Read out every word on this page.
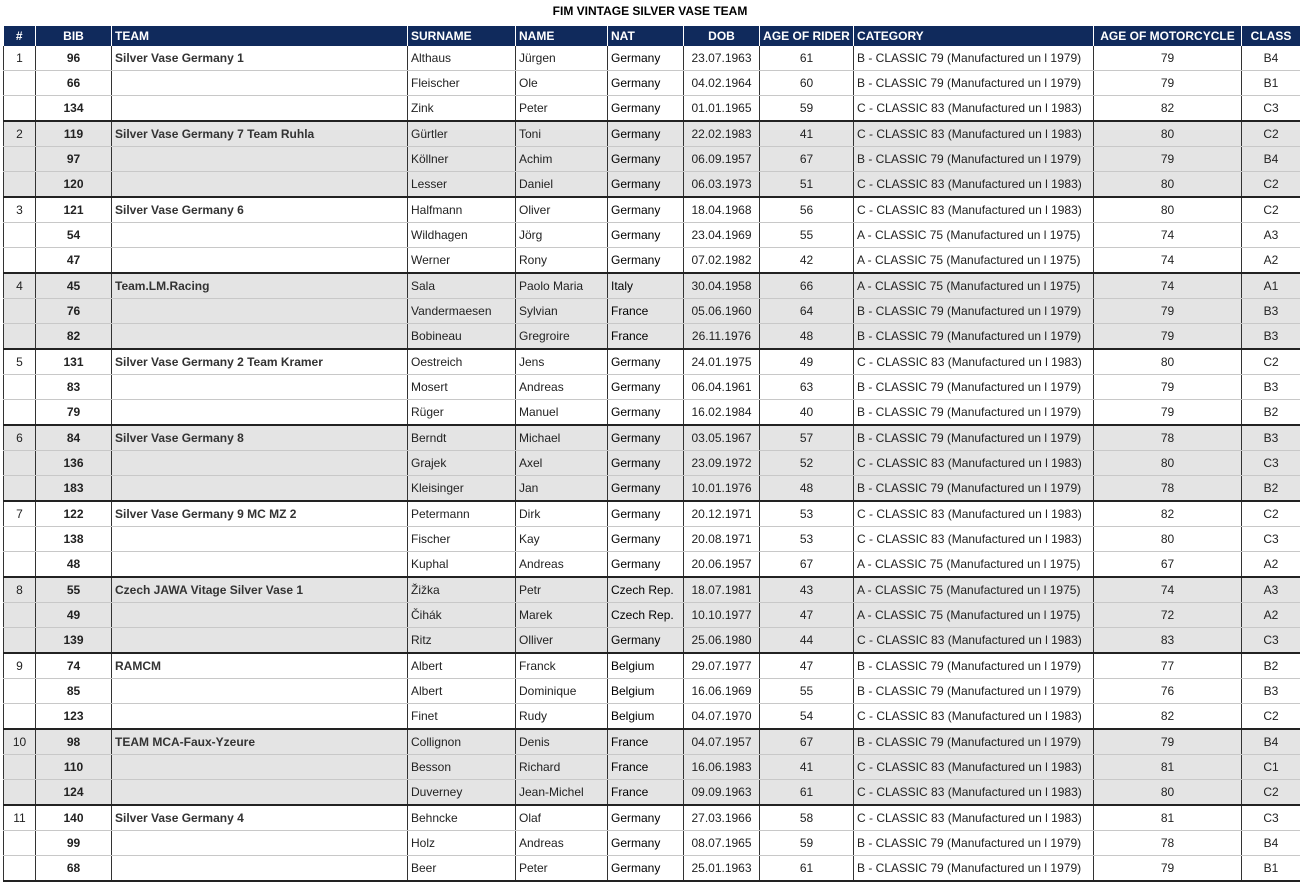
FIM VINTAGE SILVER VASE TEAM
#	BIB	TEAM	SURNAME	NAME	NAT	DOB	AGE OF RIDER	CATEGORY	AGE OF MOTORCYCLE	CLASS
1	96	Silver Vase Germany 1	Althaus	Jürgen	Germany	23.07.1963	61	B - CLASSIC 79 (Manufactured un l 1979)	79	B4
	66		Fleischer	Ole	Germany	04.02.1964	60	B - CLASSIC 79 (Manufactured un l 1979)	79	B1
	134		Zink	Peter	Germany	01.01.1965	59	C - CLASSIC 83 (Manufactured un l 1983)	82	C3
2	119	Silver Vase Germany 7 Team Ruhla	Gürtler	Toni	Germany	22.02.1983	41	C - CLASSIC 83 (Manufactured un l 1983)	80	C2
	97		Köllner	Achim	Germany	06.09.1957	67	B - CLASSIC 79 (Manufactured un l 1979)	79	B4
	120		Lesser	Daniel	Germany	06.03.1973	51	C - CLASSIC 83 (Manufactured un l 1983)	80	C2
3	121	Silver Vase Germany 6	Halfmann	Oliver	Germany	18.04.1968	56	C - CLASSIC 83 (Manufactured un l 1983)	80	C2
	54		Wildhagen	Jörg	Germany	23.04.1969	55	A - CLASSIC 75 (Manufactured un l 1975)	74	A3
	47		Werner	Rony	Germany	07.02.1982	42	A - CLASSIC 75 (Manufactured un l 1975)	74	A2
4	45	Team.LM.Racing	Sala	Paolo Maria	Italy	30.04.1958	66	A - CLASSIC 75 (Manufactured un l 1975)	74	A1
	76		Vandermaesen	Sylvian	France	05.06.1960	64	B - CLASSIC 79 (Manufactured un l 1979)	79	B3
	82		Bobineau	Gregroire	France	26.11.1976	48	B - CLASSIC 79 (Manufactured un l 1979)	79	B3
5	131	Silver Vase Germany 2 Team Kramer	Oestreich	Jens	Germany	24.01.1975	49	C - CLASSIC 83 (Manufactured un l 1983)	80	C2
	83		Mosert	Andreas	Germany	06.04.1961	63	B - CLASSIC 79 (Manufactured un l 1979)	79	B3
	79		Rüger	Manuel	Germany	16.02.1984	40	B - CLASSIC 79 (Manufactured un l 1979)	79	B2
6	84	Silver Vase Germany 8	Berndt	Michael	Germany	03.05.1967	57	B - CLASSIC 79 (Manufactured un l 1979)	78	B3
	136		Grajek	Axel	Germany	23.09.1972	52	C - CLASSIC 83 (Manufactured un l 1983)	80	C3
	183		Kleisinger	Jan	Germany	10.01.1976	48	B - CLASSIC 79 (Manufactured un l 1979)	78	B2
7	122	Silver Vase Germany 9 MC MZ 2	Petermann	Dirk	Germany	20.12.1971	53	C - CLASSIC 83 (Manufactured un l 1983)	82	C2
	138		Fischer	Kay	Germany	20.08.1971	53	C - CLASSIC 83 (Manufactured un l 1983)	80	C3
	48		Kuphal	Andreas	Germany	20.06.1957	67	A - CLASSIC 75 (Manufactured un l 1975)	67	A2
8	55	Czech JAWA Vitage Silver Vase 1	Žižka	Petr	Czech Rep.	18.07.1981	43	A - CLASSIC 75 (Manufactured un l 1975)	74	A3
	49		Čihák	Marek	Czech Rep.	10.10.1977	47	A - CLASSIC 75 (Manufactured un l 1975)	72	A2
	139		Ritz	Olliver	Germany	25.06.1980	44	C - CLASSIC 83 (Manufactured un l 1983)	83	C3
9	74	RAMCM	Albert	Franck	Belgium	29.07.1977	47	B - CLASSIC 79 (Manufactured un l 1979)	77	B2
	85		Albert	Dominique	Belgium	16.06.1969	55	B - CLASSIC 79 (Manufactured un l 1979)	76	B3
	123		Finet	Rudy	Belgium	04.07.1970	54	C - CLASSIC 83 (Manufactured un l 1983)	82	C2
10	98	TEAM MCA-Faux-Yzeure	Collignon	Denis	France	04.07.1957	67	B - CLASSIC 79 (Manufactured un l 1979)	79	B4
	110		Besson	Richard	France	16.06.1983	41	C - CLASSIC 83 (Manufactured un l 1983)	81	C1
	124		Duverney	Jean-Michel	France	09.09.1963	61	C - CLASSIC 83 (Manufactured un l 1983)	80	C2
11	140	Silver Vase Germany 4	Behncke	Olaf	Germany	27.03.1966	58	C - CLASSIC 83 (Manufactured un l 1983)	81	C3
	99		Holz	Andreas	Germany	08.07.1965	59	B - CLASSIC 79 (Manufactured un l 1979)	78	B4
	68		Beer	Peter	Germany	25.01.1963	61	B - CLASSIC 79 (Manufactured un l 1979)	79	B1
